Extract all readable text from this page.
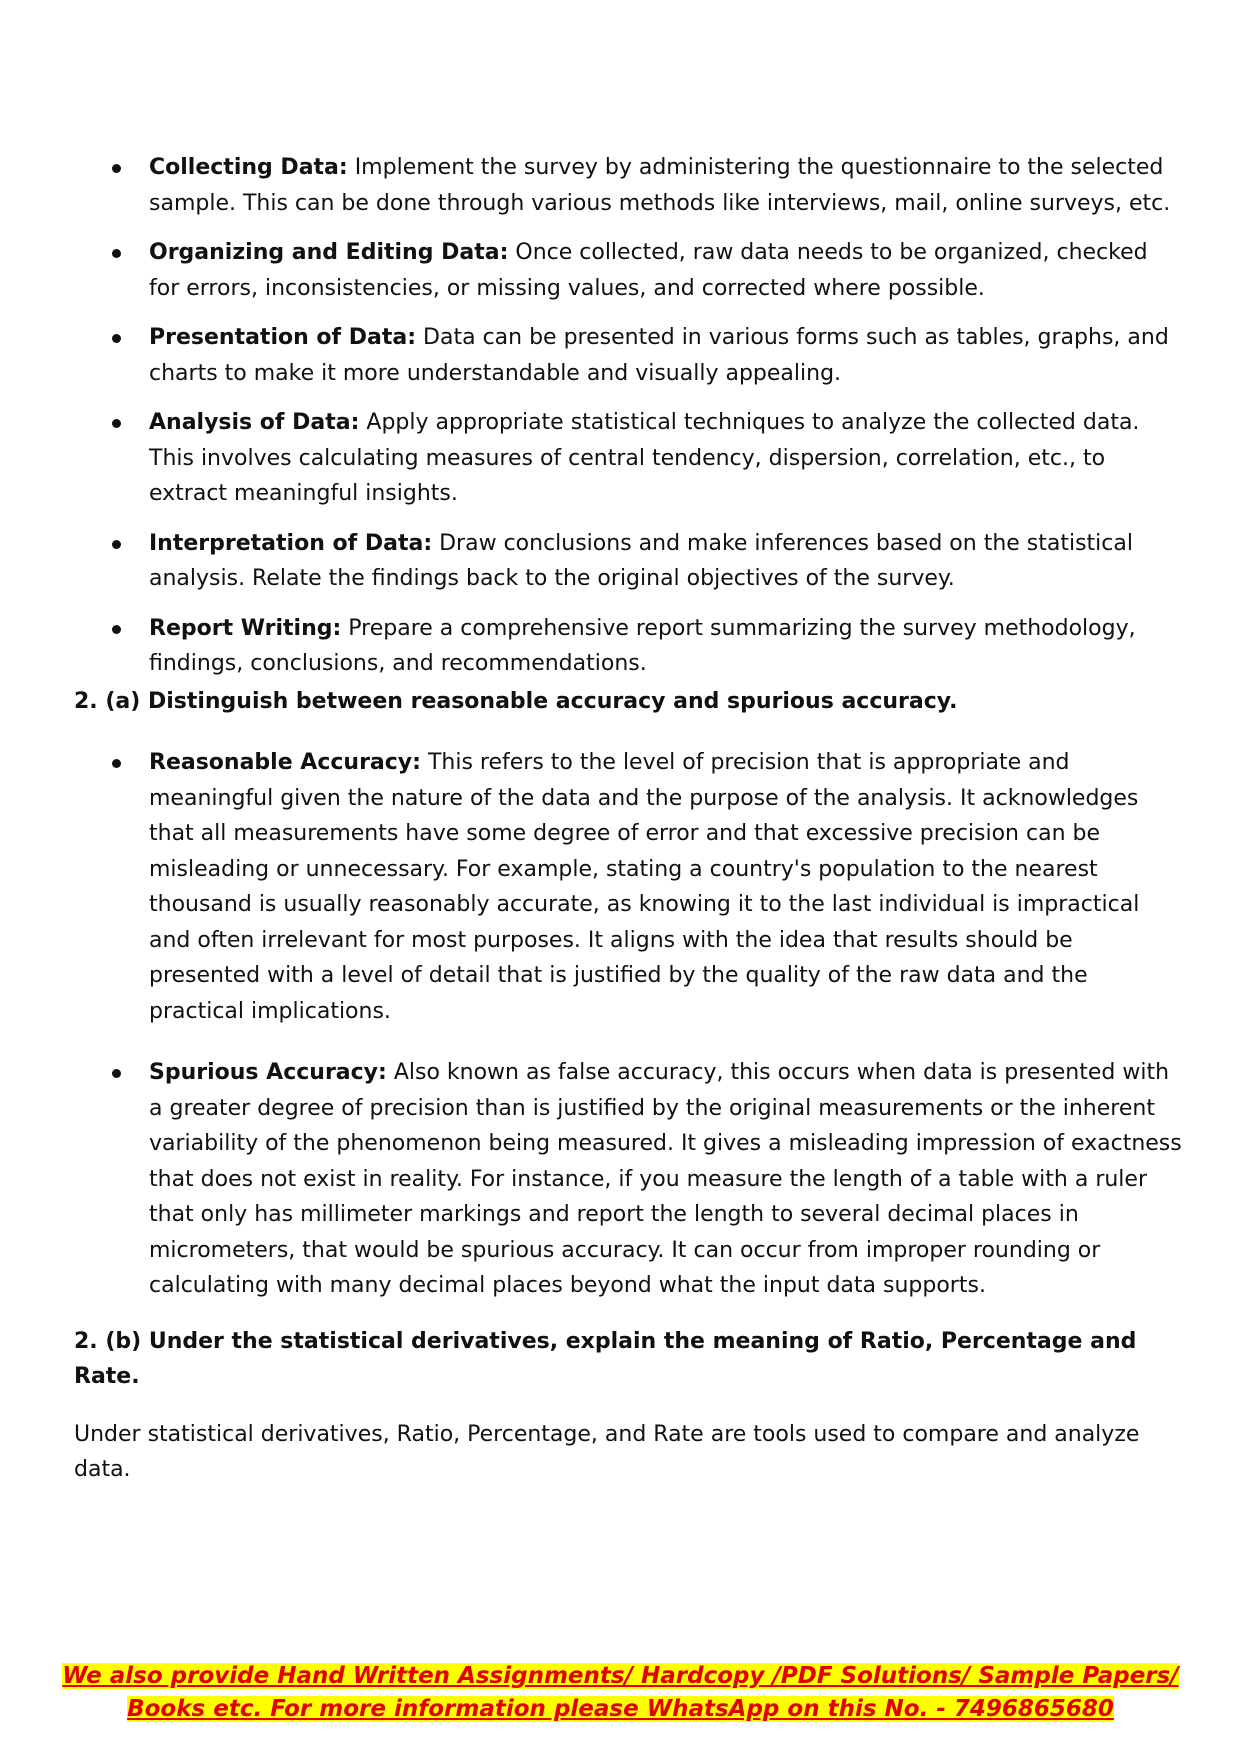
Collecting Data: Implement the survey by administering the questionnaire to the selected sample. This can be done through various methods like interviews, mail, online surveys, etc.
Organizing and Editing Data: Once collected, raw data needs to be organized, checked for errors, inconsistencies, or missing values, and corrected where possible.
Presentation of Data: Data can be presented in various forms such as tables, graphs, and charts to make it more understandable and visually appealing.
Analysis of Data: Apply appropriate statistical techniques to analyze the collected data. This involves calculating measures of central tendency, dispersion, correlation, etc., to extract meaningful insights.
Interpretation of Data: Draw conclusions and make inferences based on the statistical analysis. Relate the findings back to the original objectives of the survey.
Report Writing: Prepare a comprehensive report summarizing the survey methodology, findings, conclusions, and recommendations.

2. (a) Distinguish between reasonable accuracy and spurious accuracy.

Reasonable Accuracy: This refers to the level of precision that is appropriate and meaningful given the nature of the data and the purpose of the analysis. It acknowledges that all measurements have some degree of error and that excessive precision can be misleading or unnecessary. For example, stating a country's population to the nearest thousand is usually reasonably accurate, as knowing it to the last individual is impractical and often irrelevant for most purposes. It aligns with the idea that results should be presented with a level of detail that is justified by the quality of the raw data and the practical implications.
Spurious Accuracy: Also known as false accuracy, this occurs when data is presented with a greater degree of precision than is justified by the original measurements or the inherent variability of the phenomenon being measured. It gives a misleading impression of exactness that does not exist in reality. For instance, if you measure the length of a table with a ruler that only has millimeter markings and report the length to several decimal places in micrometers, that would be spurious accuracy. It can occur from improper rounding or calculating with many decimal places beyond what the input data supports.

2. (b) Under the statistical derivatives, explain the meaning of Ratio, Percentage and Rate.

Under statistical derivatives, Ratio, Percentage, and Rate are tools used to compare and analyze data.

We also provide Hand Written Assignments/ Hardcopy /PDF Solutions/ Sample Papers/
Books etc. For more information please WhatsApp on this No. - 7496865680
